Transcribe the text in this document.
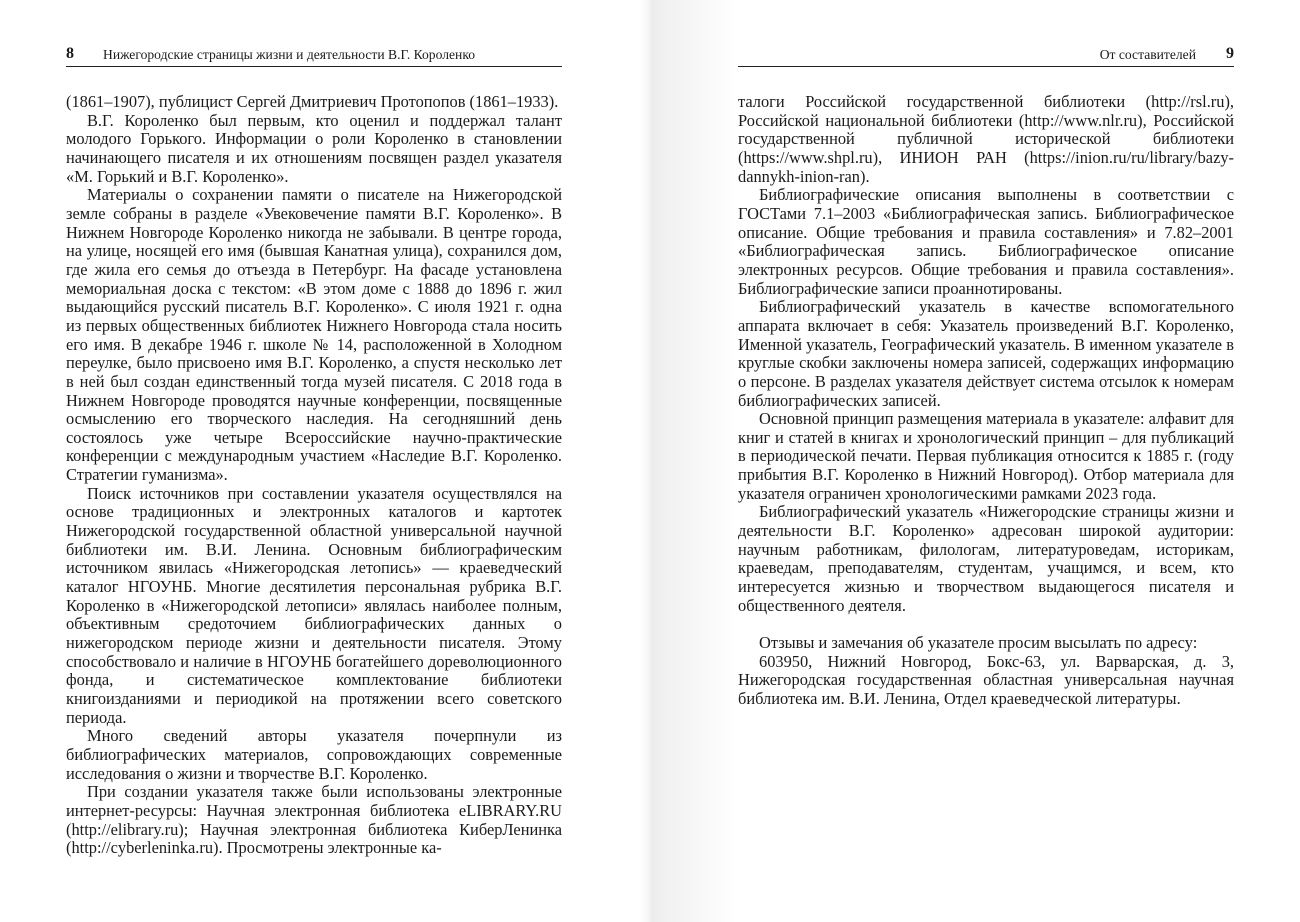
8 Нижегородские страницы жизни и деятельности В.Г. Короленко

(1861–1907), публицист Сергей Дмитриевич Протопопов (1861–1933).

В.Г. Короленко был первым, кто оценил и поддержал талант молодого Горького. Информации о роли Короленко в становлении начинающего писателя и их отношениям посвящен раздел указателя «М. Горький и В.Г. Короленко».

Материалы о сохранении памяти о писателе на Нижегородской земле собраны в разделе «Увековечение памяти В.Г. Короленко». В Нижнем Новгороде Короленко никогда не забывали. В центре города, на улице, носящей его имя (бывшая Канатная улица), сохранился дом, где жила его семья до отъезда в Петербург. На фасаде установлена мемориальная доска с текстом: «В этом доме с 1888 до 1896 г. жил выдающийся русский писатель В.Г. Короленко». С июля 1921 г. одна из первых общественных библиотек Нижнего Новгорода стала носить его имя. В декабре 1946 г. школе № 14, расположенной в Холодном переулке, было присвоено имя В.Г. Короленко, а спустя несколько лет в ней был создан единственный тогда музей писателя. С 2018 года в Нижнем Новгороде проводятся научные конференции, посвященные осмыслению его творческого наследия. На сегодняшний день состоялось уже четыре Всероссийские научно-практические конференции с международным участием «Наследие В.Г. Короленко. Стратегии гуманизма».

Поиск источников при составлении указателя осуществлялся на основе традиционных и электронных каталогов и картотек Нижегородской государственной областной универсальной научной библиотеки им. В.И. Ленина. Основным библиографическим источником явилась «Нижегородская летопись» — краеведческий каталог НГОУНБ. Многие десятилетия персональная рубрика В.Г. Короленко в «Нижегородской летописи» являлась наиболее полным, объективным средоточием библиографических данных о нижегородском периоде жизни и деятельности писателя. Этому способствовало и наличие в НГОУНБ богатейшего дореволюционного фонда, и систематическое комплектование библиотеки книгоизданиями и периодикой на протяжении всего советского периода.

Много сведений авторы указателя почерпнули из библиографических материалов, сопровождающих современные исследования о жизни и творчестве В.Г. Короленко.

При создании указателя также были использованы электронные интернет-ресурсы: Научная электронная библиотека eLIBRARY.RU (http://elibrary.ru); Научная электронная библиотека КиберЛенинка (http://cyberleninka.ru). Просмотрены электронные ка-

От составителей 9

талоги Российской государственной библиотеки (http://rsl.ru), Российской национальной библиотеки (http://www.nlr.ru), Российской государственной публичной исторической библиотеки (https://www.shpl.ru), ИНИОН РАН (https://inion.ru/ru/library/bazy-dannykh-inion-ran).

Библиографические описания выполнены в соответствии с ГОСТами 7.1–2003 «Библиографическая запись. Библиографическое описание. Общие требования и правила составления» и 7.82–2001 «Библиографическая запись. Библиографическое описание электронных ресурсов. Общие требования и правила составления». Библиографические записи проаннотированы.

Библиографический указатель в качестве вспомогательного аппарата включает в себя: Указатель произведений В.Г. Короленко, Именной указатель, Географический указатель. В именном указателе в круглые скобки заключены номера записей, содержащих информацию о персоне. В разделах указателя действует система отсылок к номерам библиографических записей.

Основной принцип размещения материала в указателе: алфавит для книг и статей в книгах и хронологический принцип – для публикаций в периодической печати. Первая публикация относится к 1885 г. (году прибытия В.Г. Короленко в Нижний Новгород). Отбор материала для указателя ограничен хронологическими рамками 2023 года.

Библиографический указатель «Нижегородские страницы жизни и деятельности В.Г. Короленко» адресован широкой аудитории: научным работникам, филологам, литературоведам, историкам, краеведам, преподавателям, студентам, учащимся, и всем, кто интересуется жизнью и творчеством выдающегося писателя и общественного деятеля.

Отзывы и замечания об указателе просим высылать по адресу:

603950, Нижний Новгород, Бокс-63, ул. Варварская, д. 3, Нижегородская государственная областная универсальная научная библиотека им. В.И. Ленина, Отдел краеведческой литературы.
